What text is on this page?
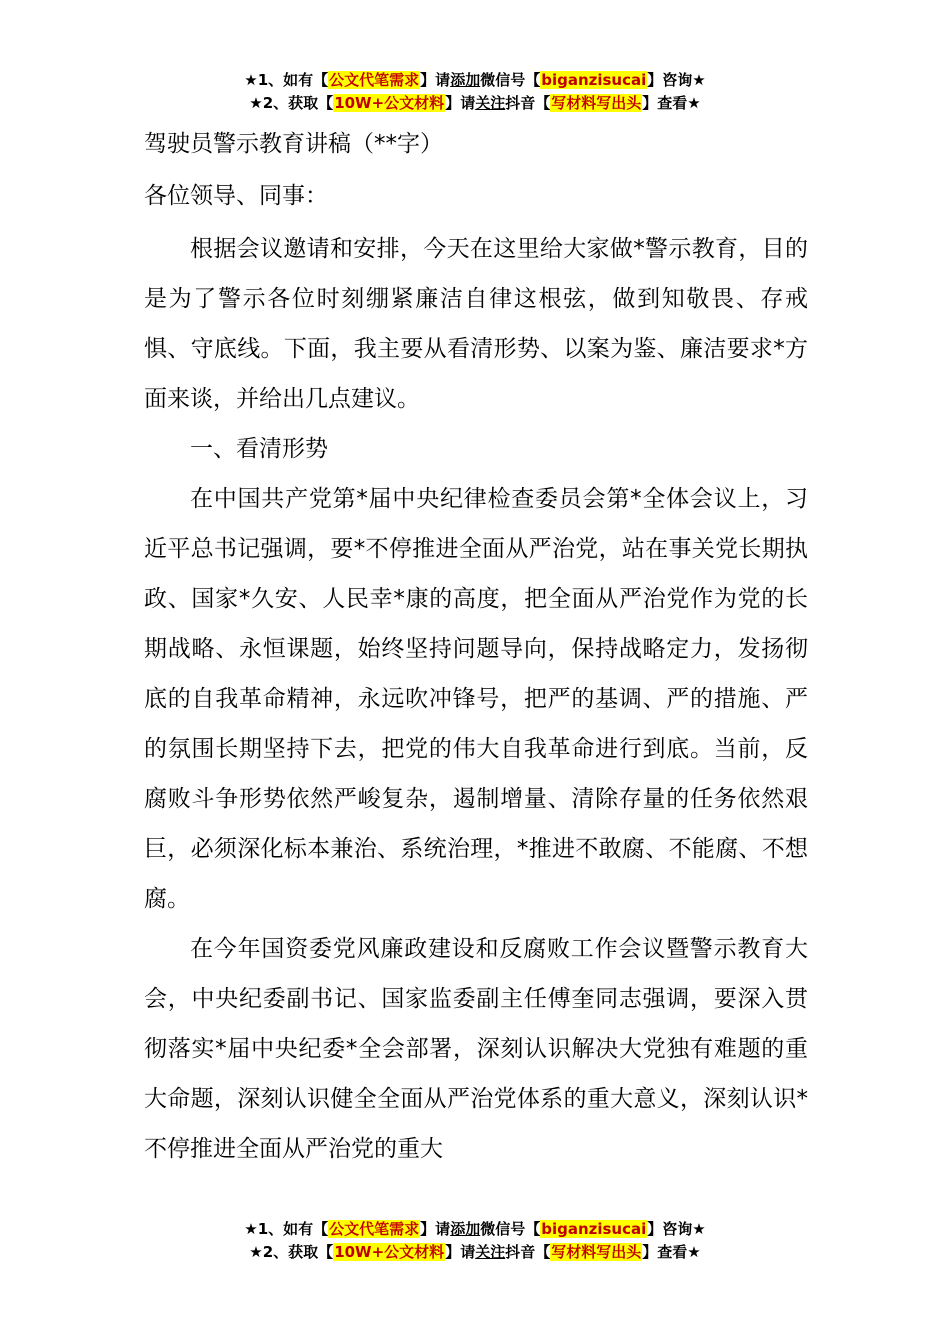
★1、如有【公文代笔需求】请添加微信号【biganzisucai】咨询★
★2、获取【10W+公文材料】请关注抖音【写材料写出头】查看★
驾驶员警示教育讲稿（**字）

各位领导、同事：

根据会议邀请和安排，今天在这里给大家做*警示教育，目的是为了警示各位时刻绷紧廉洁自律这根弦，做到知敬畏、存戒惧、守底线。下面，我主要从看清形势、以案为鉴、廉洁要求*方面来谈，并给出几点建议。

一、看清形势

在中国共产党第*届中央纪律检查委员会第*全体会议上，习近平总书记强调，要*不停推进全面从严治党，站在事关党长期执政、国家*久安、人民幸*康的高度，把全面从严治党作为党的长期战略、永恒课题，始终坚持问题导向，保持战略定力，发扬彻底的自我革命精神，永远吹冲锋号，把严的基调、严的措施、严的氛围长期坚持下去，把党的伟大自我革命进行到底。当前，反腐败斗争形势依然严峻复杂，遏制增量、清除存量的任务依然艰巨，必须深化标本兼治、系统治理，*推进不敢腐、不能腐、不想腐。

在今年国资委党风廉政建设和反腐败工作会议暨警示教育大会，中央纪委副书记、国家监委副主任傅奎同志强调，要深入贯彻落实*届中央纪委*全会部署，深刻认识解决大党独有难题的重大命题，深刻认识健全全面从严治党体系的重大意义，深刻认识*不停推进全面从严治党的重大

★1、如有【公文代笔需求】请添加微信号【biganzisucai】咨询★
★2、获取【10W+公文材料】请关注抖音【写材料写出头】查看★
